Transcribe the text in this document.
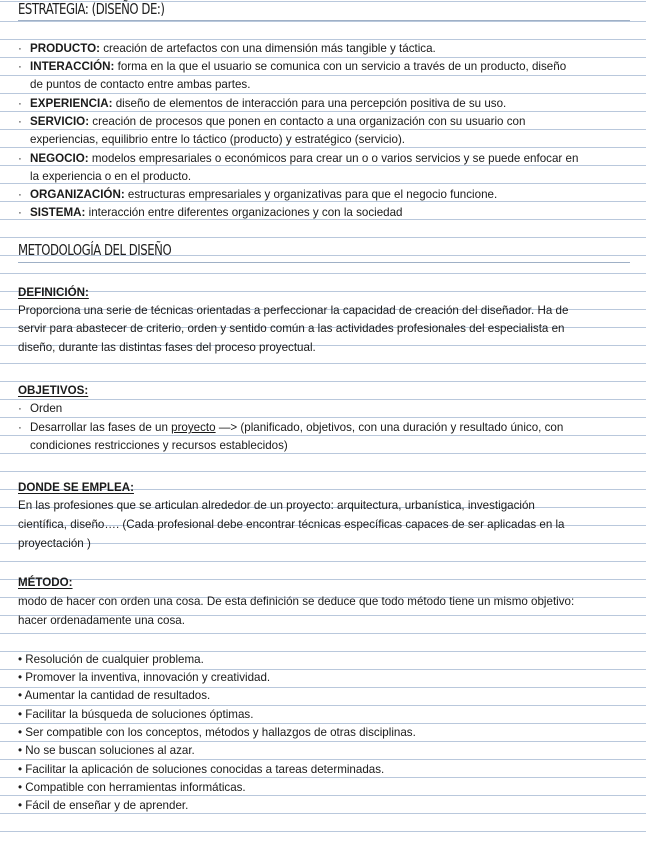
ESTRATEGIA: (DISEÑO DE:)
· PRODUCTO: creación de artefactos con una dimensión más tangible y táctica.
· INTERACCIÓN: forma en la que el usuario se comunica con un servicio a través de un producto, diseño
de puntos de contacto entre ambas partes.
· EXPERIENCIA: diseño de elementos de interacción para una percepción positiva de su uso.
· SERVICIO: creación de procesos que ponen en contacto a una organización con su usuario con
experiencias, equilibrio entre lo táctico (producto) y estratégico (servicio).
· NEGOCIO: modelos empresariales o económicos para crear un o o varios servicios y se puede enfocar en
la experiencia o en el producto.
· ORGANIZACIÓN: estructuras empresariales y organizativas para que el negocio funcione.
· SISTEMA: interacción entre diferentes organizaciones y con la sociedad
METODOLOGÍA DEL DISEÑO
DEFINICIÓN:
Proporciona una serie de técnicas orientadas a perfeccionar la capacidad de creación del diseñador. Ha de
servir para abastecer de criterio, orden y sentido común a las actividades profesionales del especialista en
diseño, durante las distintas fases del proceso proyectual.
OBJETIVOS:
· Orden
· Desarrollar las fases de un proyecto —> (planificado, objetivos, con una duración y resultado único, con
condiciones restricciones y recursos establecidos)
DONDE SE EMPLEA:
En las profesiones que se articulan alrededor de un proyecto: arquitectura, urbanística, investigación
científica, diseño…. (Cada profesional debe encontrar técnicas específicas capaces de ser aplicadas en la
proyectación )
MÉTODO:
modo de hacer con orden una cosa. De esta definición se deduce que todo método tiene un mismo objetivo:
hacer ordenadamente una cosa.
• Resolución de cualquier problema.
• Promover la inventiva, innovación y creatividad.
• Aumentar la cantidad de resultados.
• Facilitar la búsqueda de soluciones óptimas.
• Ser compatible con los conceptos, métodos y hallazgos de otras disciplinas.
• No se buscan soluciones al azar.
• Facilitar la aplicación de soluciones conocidas a tareas determinadas.
• Compatible con herramientas informáticas.
• Fácil de enseñar y de aprender.
